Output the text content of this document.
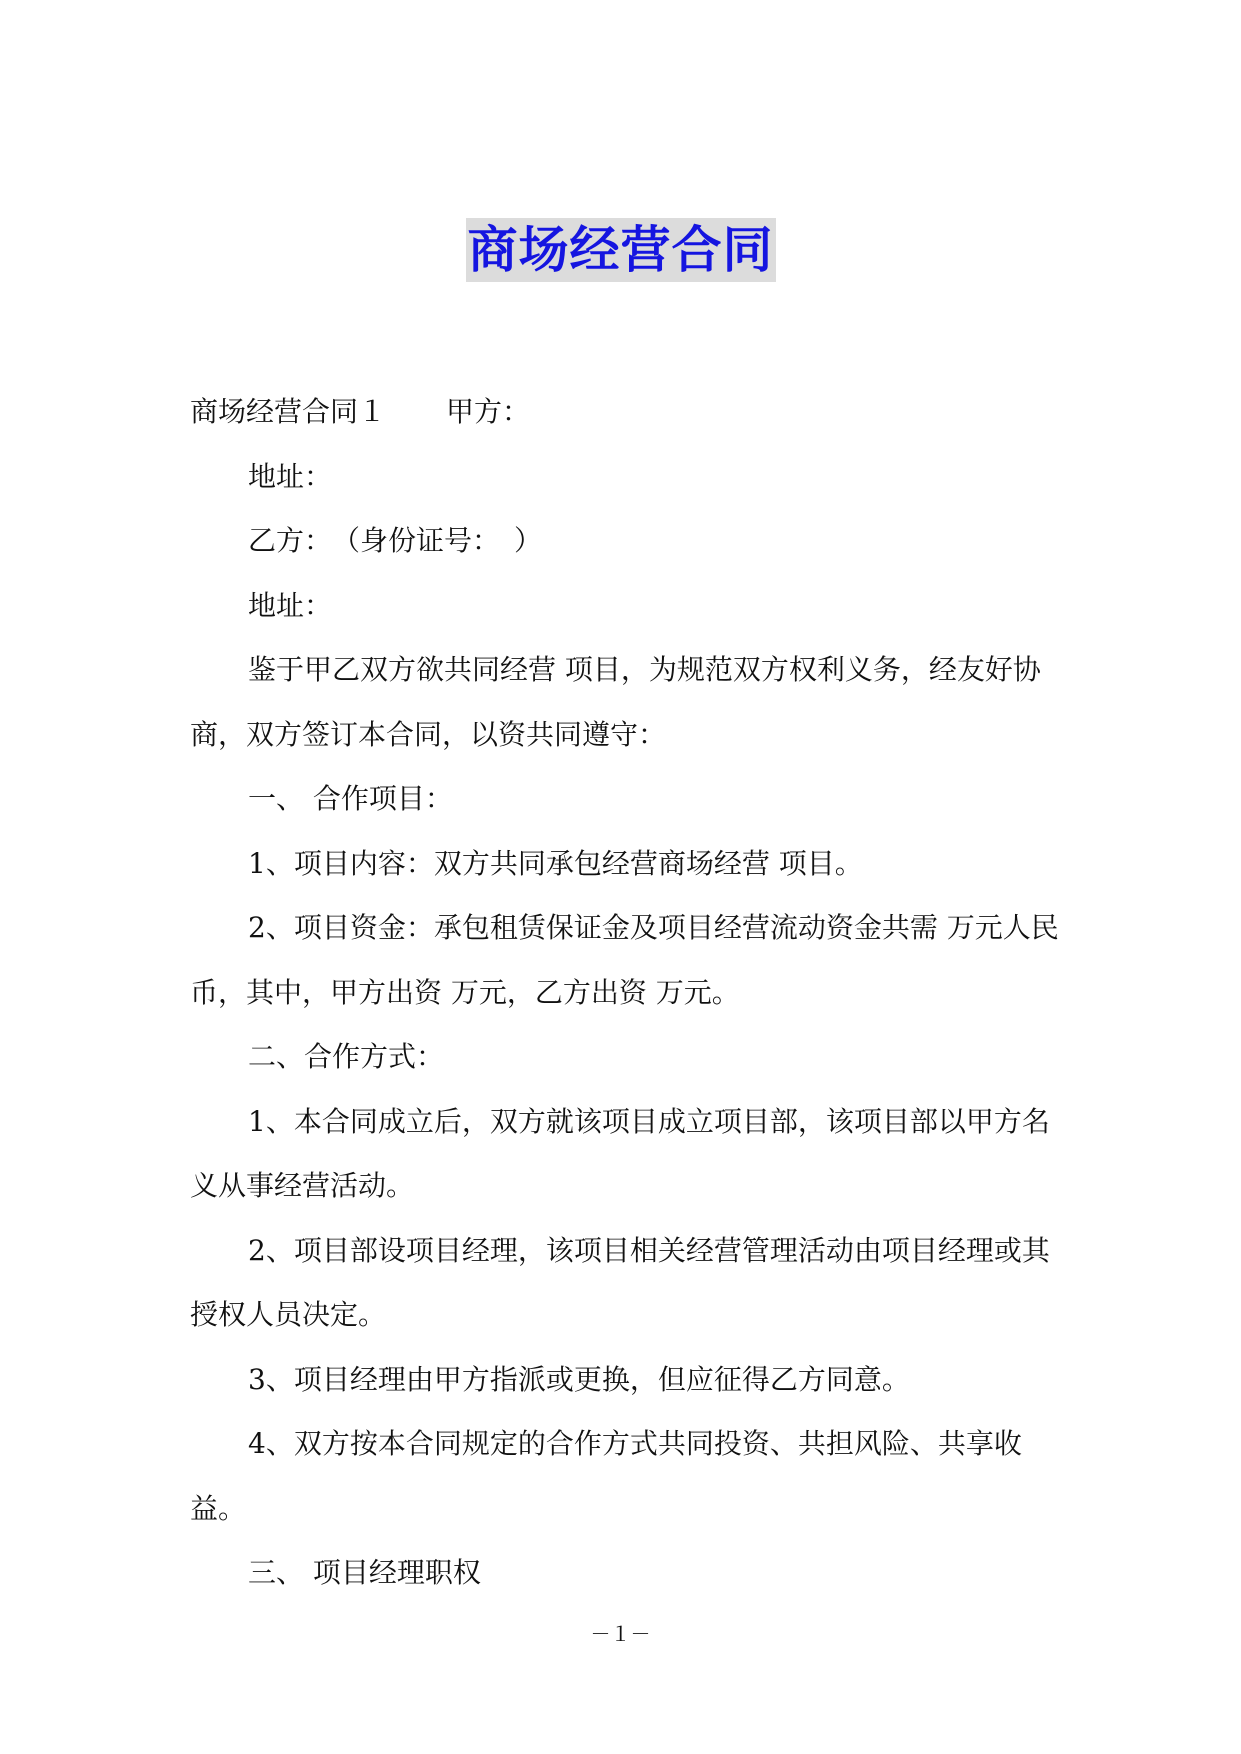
商场经营合同

商场经营合同１ 甲方：

地址：

乙方：　（身份证号：　）

地址：

鉴于甲乙双方欲共同经营 项目，为规范双方权利义务，经友好协商，双方签订本合同，以资共同遵守：

一、 合作项目：

1、项目内容：双方共同承包经营商场经营 项目。

2、项目资金：承包租赁保证金及项目经营流动资金共需 万元人民币，其中，甲方出资 万元，乙方出资 万元。

二、合作方式：

1、本合同成立后，双方就该项目成立项目部，该项目部以甲方名义从事经营活动。

2、项目部设项目经理，该项目相关经营管理活动由项目经理或其授权人员决定。

3、项目经理由甲方指派或更换，但应征得乙方同意。

4、双方按本合同规定的合作方式共同投资、共担风险、共享收益。

三、 项目经理职权

－１－
